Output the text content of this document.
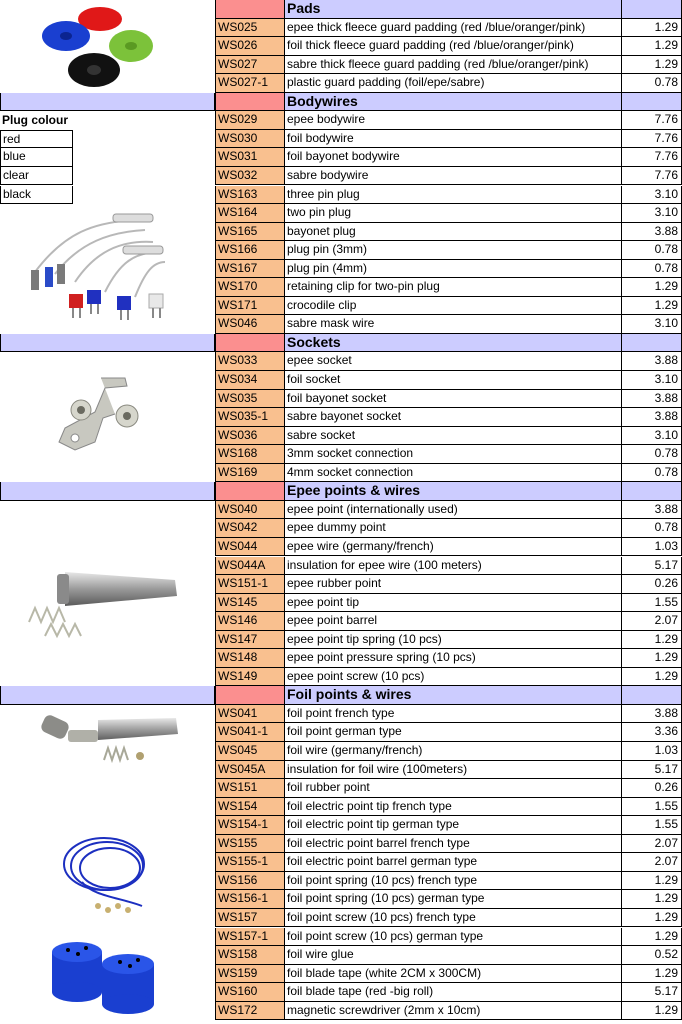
Pads
WS025	epee thick fleece guard padding (red /blue/oranger/pink)	1.29
WS026	foil thick fleece guard padding (red /blue/oranger/pink)	1.29
WS027	sabre thick fleece guard padding (red /blue/oranger/pink)	1.29
WS027-1	plastic guard padding (foil/epe/sabre)	0.78
Bodywires
WS029	epee bodywire	7.76
WS030	foil bodywire	7.76
WS031	foil bayonet bodywire	7.76
WS032	sabre bodywire	7.76
WS163	three pin plug	3.10
WS164	two pin plug	3.10
WS165	bayonet plug	3.88
WS166	plug pin (3mm)	0.78
WS167	plug pin (4mm)	0.78
WS170	retaining clip for two-pin plug	1.29
WS171	crocodile clip	1.29
WS046	sabre mask wire	3.10
Plug colour
red
blue
clear
black
Sockets
WS033	epee socket	3.88
WS034	foil socket	3.10
WS035	foil bayonet socket	3.88
WS035-1	sabre bayonet socket	3.88
WS036	sabre socket	3.10
WS168	3mm socket connection	0.78
WS169	4mm socket connection	0.78
Epee points & wires
WS040	epee point (internationally used)	3.88
WS042	epee dummy point	0.78
WS044	epee wire (germany/french)	1.03
WS044A	insulation for epee wire (100 meters)	5.17
WS151-1	epee rubber point	0.26
WS145	epee point tip	1.55
WS146	epee point barrel	2.07
WS147	epee point tip spring (10 pcs)	1.29
WS148	epee point pressure spring (10 pcs)	1.29
WS149	epee point screw (10 pcs)	1.29
Foil points & wires
WS041	foil point french type	3.88
WS041-1	foil point german type	3.36
WS045	foil wire (germany/french)	1.03
WS045A	insulation for foil wire (100meters)	5.17
WS151	foil rubber point	0.26
WS154	foil electric point tip french type	1.55
WS154-1	foil electric point tip german type	1.55
WS155	foil electric point barrel french type	2.07
WS155-1	foil electric point barrel german type	2.07
WS156	foil point spring (10 pcs) french type	1.29
WS156-1	foil point spring (10 pcs) german type	1.29
WS157	foil point screw (10 pcs) french type	1.29
WS157-1	foil point screw (10 pcs) german type	1.29
WS158	foil wire glue	0.52
WS159	foil blade tape (white 2CM x 300CM)	1.29
WS160	foil blade tape (red -big roll)	5.17
WS172	magnetic screwdriver (2mm x 10cm)	1.29
